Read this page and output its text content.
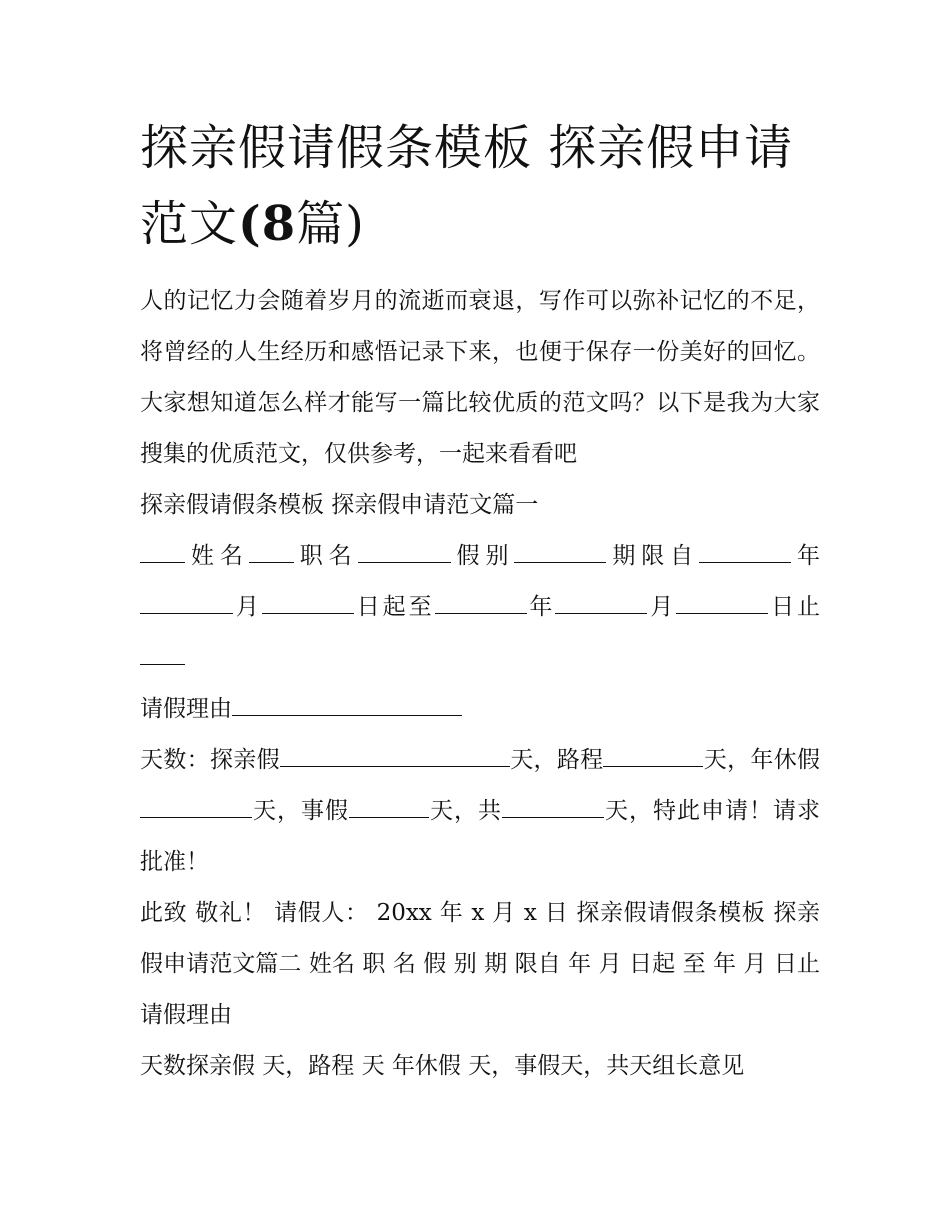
探亲假请假条模板 探亲假申请
范文(8篇)

人的记忆力会随着岁月的流逝而衰退，写作可以弥补记忆的不足，将曾经的人生经历和感悟记录下来，也便于保存一份美好的回忆。大家想知道怎么样才能写一篇比较优质的范文吗？以下是我为大家搜集的优质范文，仅供参考，一起来看看吧

探亲假请假条模板 探亲假申请范文篇一

姓名 职名	假别	期限自	年 月	日起至	年	月	日止

请假理由

天数：探亲假	天，路程	天，年休假天，事假	天，共	天，特此申请！请求批准！

此致 敬礼！ 请假人： 20xx 年 x 月 x 日 探亲假请假条模板 探亲假申请范文篇二 姓名 职 名 假 别 期 限自 年 月 日起 至 年 月 日止请假理由

天数探亲假 天，路程 天 年休假 天，事假天，共天组长意见
